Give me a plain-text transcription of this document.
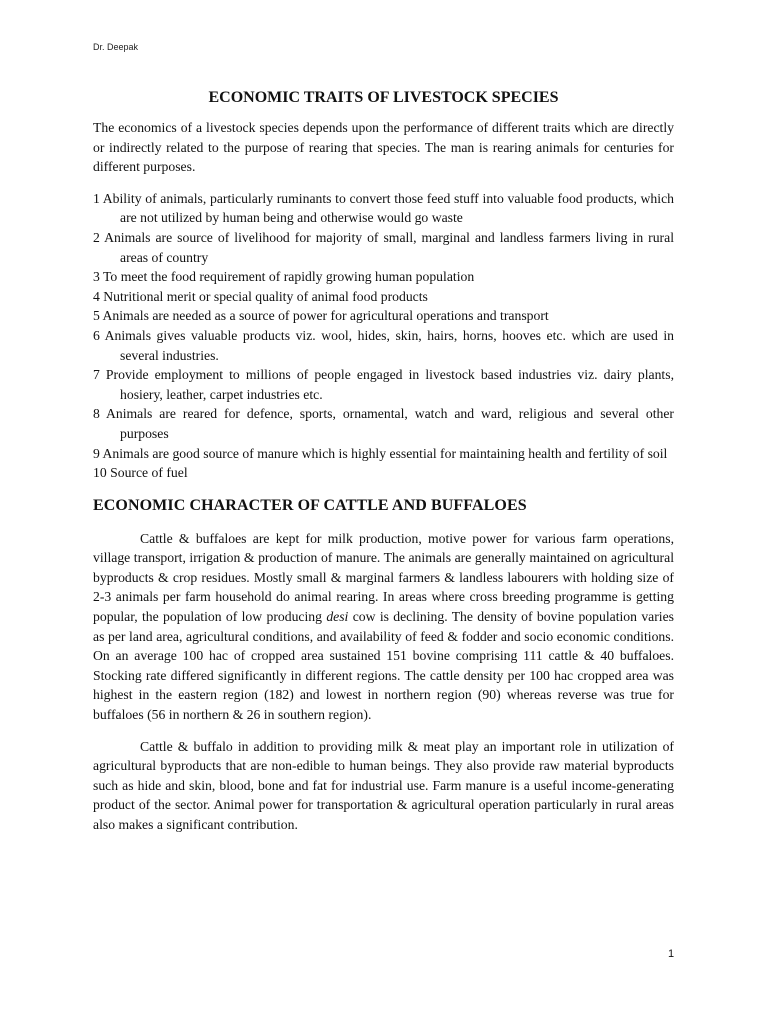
Dr. Deepak
ECONOMIC TRAITS OF LIVESTOCK SPECIES

The economics of a livestock species depends upon the performance of different traits which are directly or indirectly related to the purpose of rearing that species. The man is rearing animals for centuries for different purposes.

1 Ability of animals, particularly ruminants to convert those feed stuff into valuable food products, which are not utilized by human being and otherwise would go waste
2 Animals are source of livelihood for majority of small, marginal and landless farmers living in rural areas of country
3 To meet the food requirement of rapidly growing human population
4 Nutritional merit or special quality of animal food products
5 Animals are needed as a source of power for agricultural operations and transport
6 Animals gives valuable products viz. wool, hides, skin, hairs, horns, hooves etc. which are used in several industries.
7 Provide employment to millions of people engaged in livestock based industries viz. dairy plants, hosiery, leather, carpet industries etc.
8 Animals are reared for defence, sports, ornamental, watch and ward, religious and several other purposes
9 Animals are good source of manure which is highly essential for maintaining health and fertility of soil
10 Source of fuel
ECONOMIC CHARACTER OF CATTLE AND BUFFALOES

Cattle & buffaloes are kept for milk production, motive power for various farm operations, village transport, irrigation & production of manure. The animals are generally maintained on agricultural byproducts & crop residues. Mostly small & marginal farmers & landless labourers with holding size of 2-3 animals per farm household do animal rearing. In areas where cross breeding programme is getting popular, the population of low producing desi cow is declining. The density of bovine population varies as per land area, agricultural conditions, and availability of feed & fodder and socio economic conditions. On an average 100 hac of cropped area sustained 151 bovine comprising 111 cattle & 40 buffaloes. Stocking rate differed significantly in different regions. The cattle density per 100 hac cropped area was highest in the eastern region (182) and lowest in northern region (90) whereas reverse was true for buffaloes (56 in northern & 26 in southern region).

Cattle & buffalo in addition to providing milk & meat play an important role in utilization of agricultural byproducts that are non-edible to human beings. They also provide raw material byproducts such as hide and skin, blood, bone and fat for industrial use. Farm manure is a useful income-generating product of the sector. Animal power for transportation & agricultural operation particularly in rural areas also makes a significant contribution.

1
